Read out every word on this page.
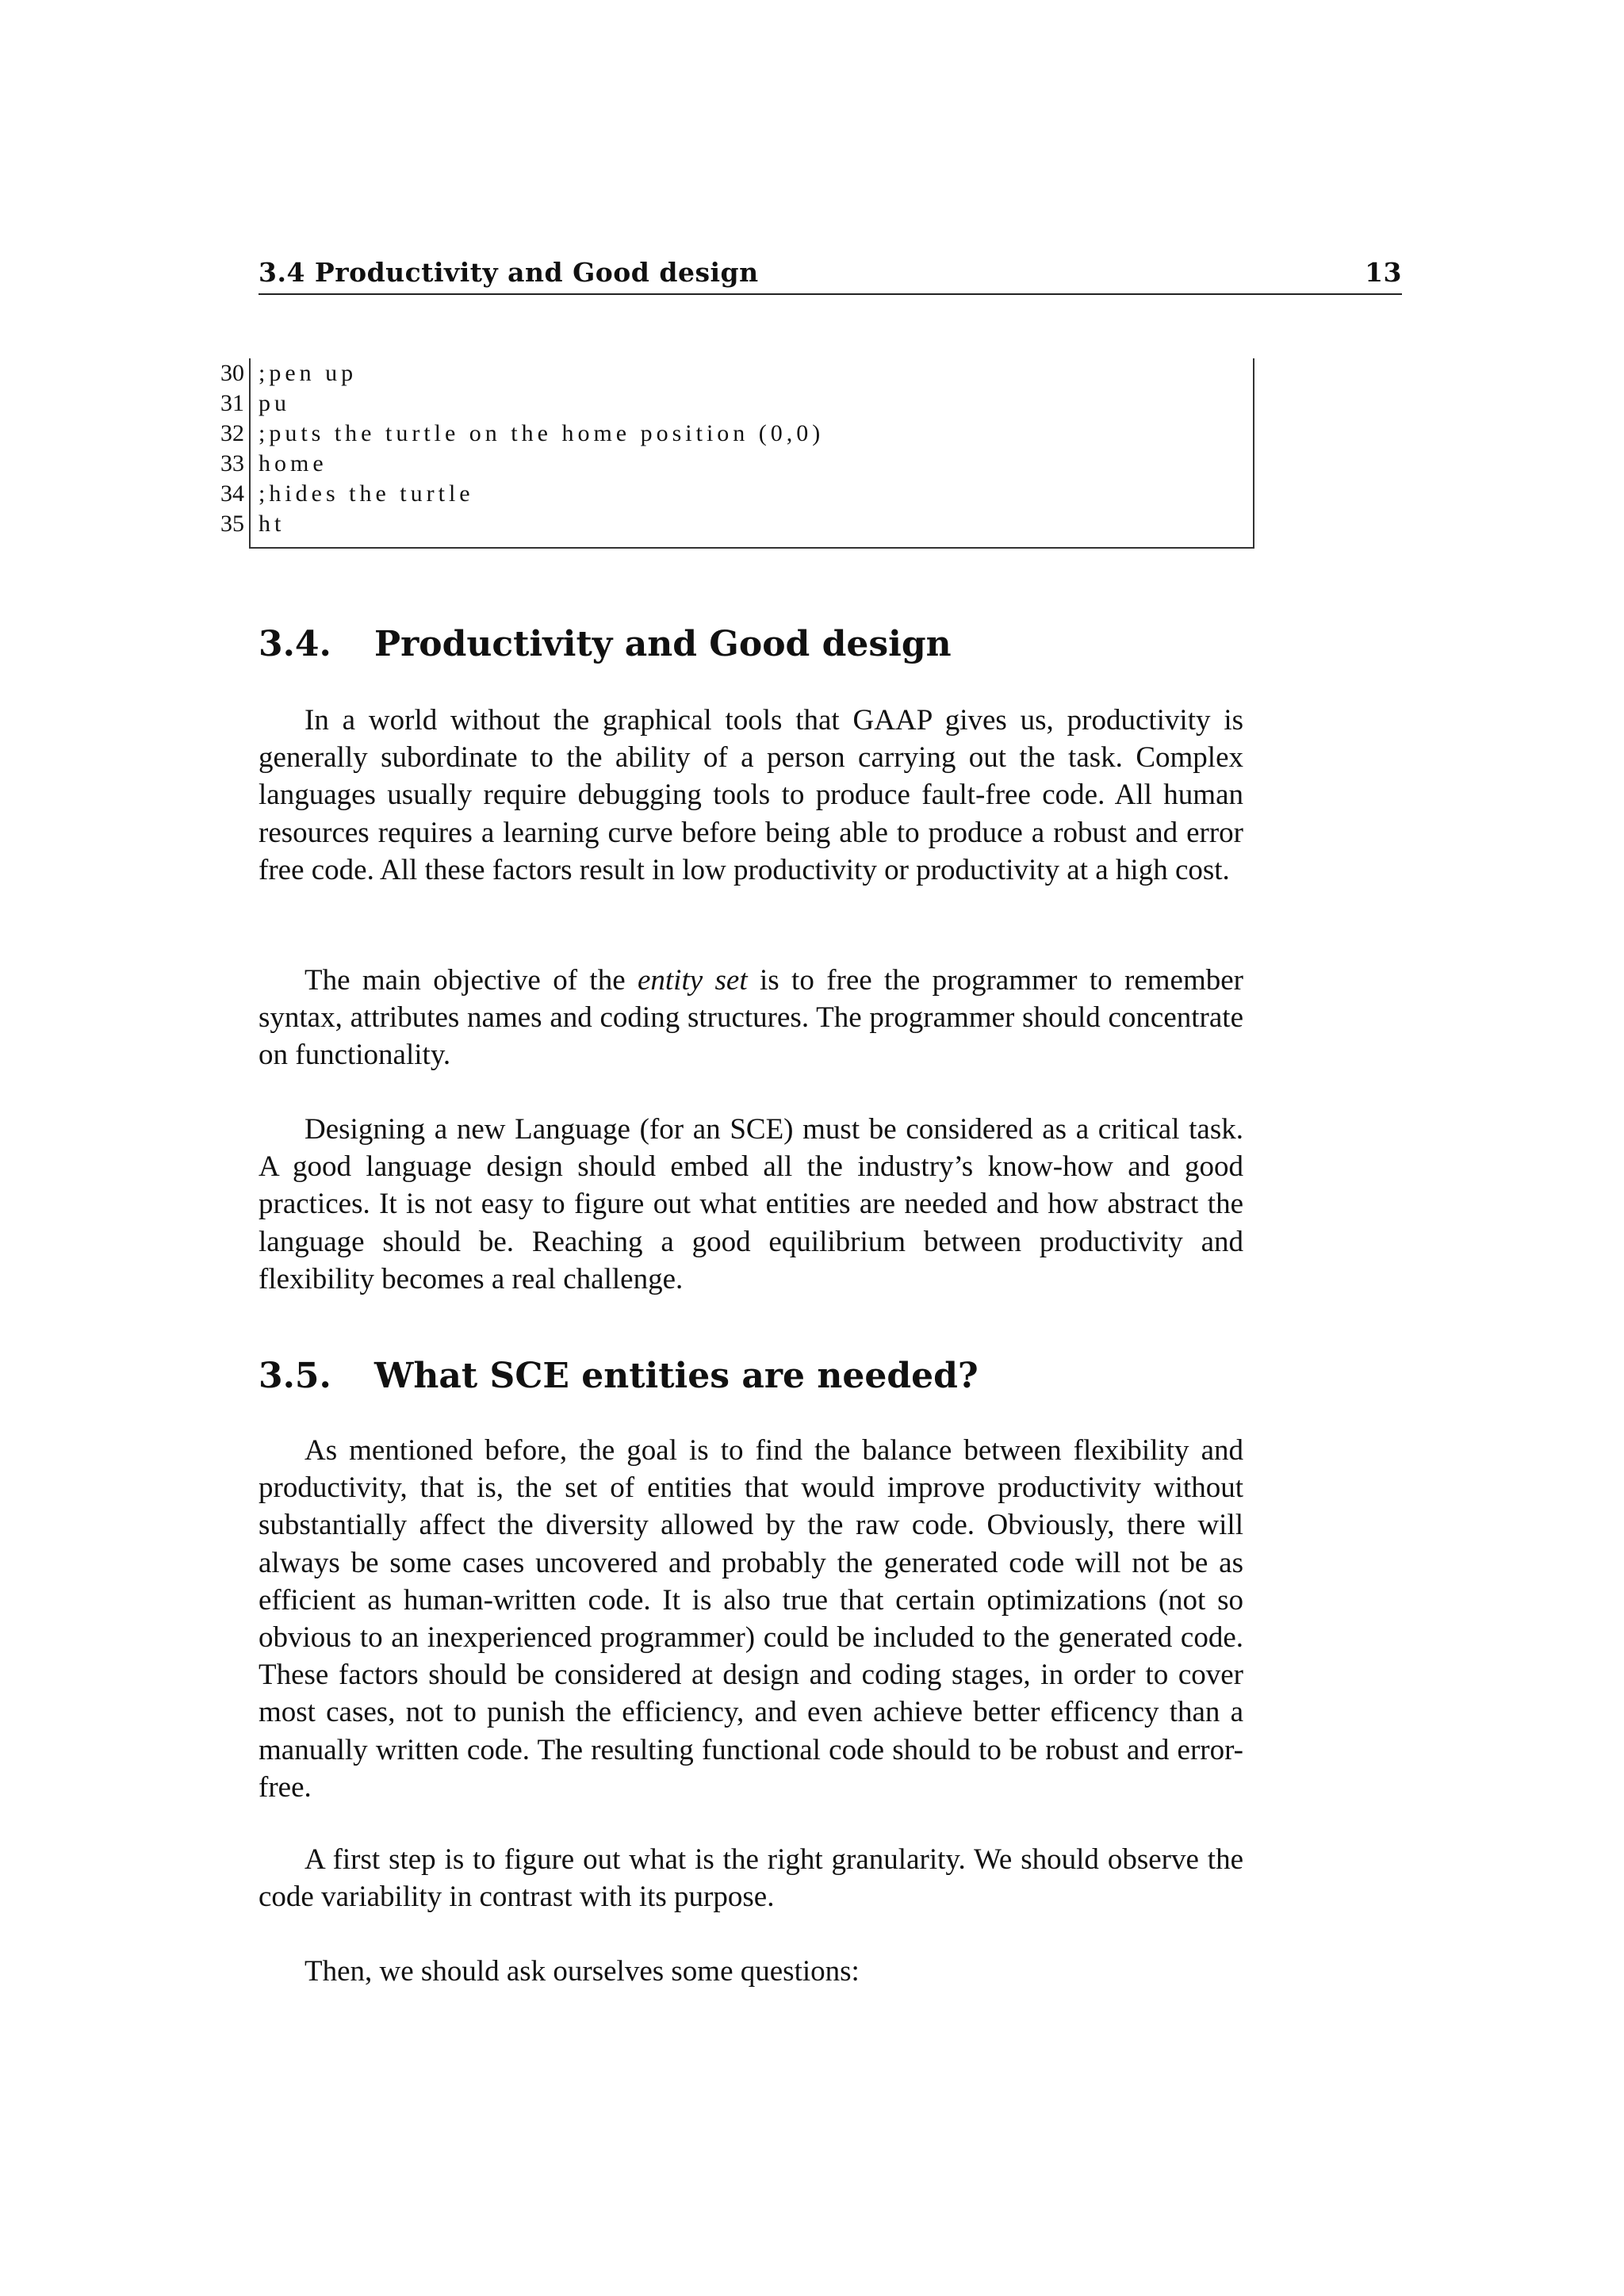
3.4 Productivity and Good design	13
30 ;pen up
31 pu
32 ;puts the turtle on the home position (0,0)
33 home
34 ;hides the turtle
35 ht
3.4. Productivity and Good design

In a world without the graphical tools that GAAP gives us, productivity is generally subordinate to the ability of a person carrying out the task. Complex languages usually require debugging tools to produce fault-free code. All human resources requires a learning curve before being able to produce a robust and error free code. All these factors result in low productivity or productivity at a high cost.

The main objective of the entity set is to free the programmer to remember syntax, attributes names and coding structures. The programmer should concentrate on functionality.

Designing a new Language (for an SCE) must be considered as a critical task. A good language design should embed all the industry’s know-how and good practices. It is not easy to figure out what entities are needed and how abstract the language should be. Reaching a good equilibrium between productivity and flexibility becomes a real challenge.

3.5. What SCE entities are needed?

As mentioned before, the goal is to find the balance between flexibility and productivity, that is, the set of entities that would improve productivity without substantially affect the diversity allowed by the raw code. Obviously, there will always be some cases uncovered and probably the generated code will not be as efficient as human-written code. It is also true that certain optimizations (not so obvious to an inexperienced programmer) could be included to the generated code. These factors should be considered at design and coding stages, in order to cover most cases, not to punish the efficiency, and even achieve better efficency than a manually written code. The resulting functional code should to be robust and error-free.

A first step is to figure out what is the right granularity. We should observe the code variability in contrast with its purpose.

Then, we should ask ourselves some questions:
